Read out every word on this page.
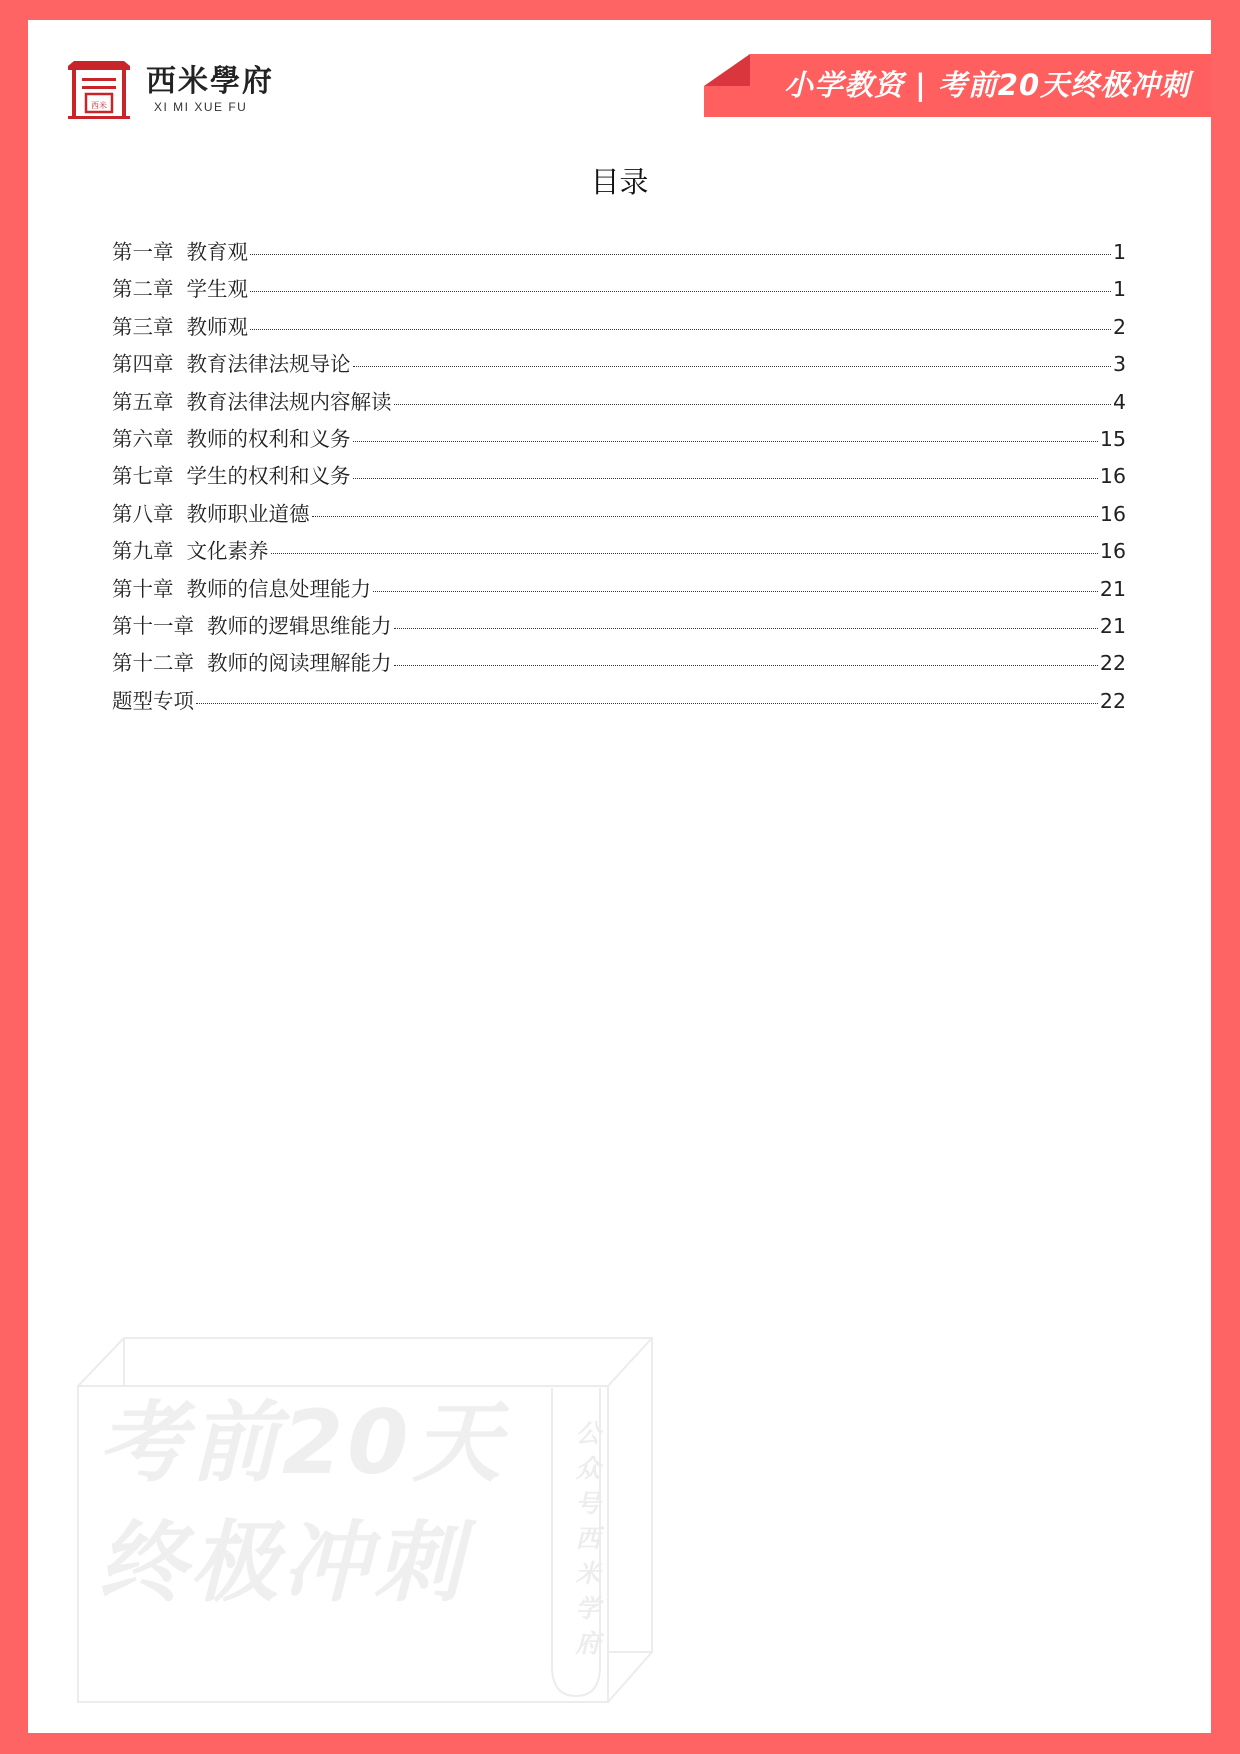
西米
西米學府
XI MI XUE FU
小学教资 | 考前20天终极冲刺
目录
第一章  教育观	1
第二章  学生观	1
第三章  教师观	2
第四章  教育法律法规导论	3
第五章  教育法律法规内容解读	4
第六章  教师的权利和义务	15
第七章  学生的权利和义务	16
第八章  教师职业道德	16
第九章  文化素养	16
第十章  教师的信息处理能力	21
第十一章  教师的逻辑思维能力	21
第十二章  教师的阅读理解能力	22
题型专项	22
考前20天
终极冲刺
公众号西米学府
